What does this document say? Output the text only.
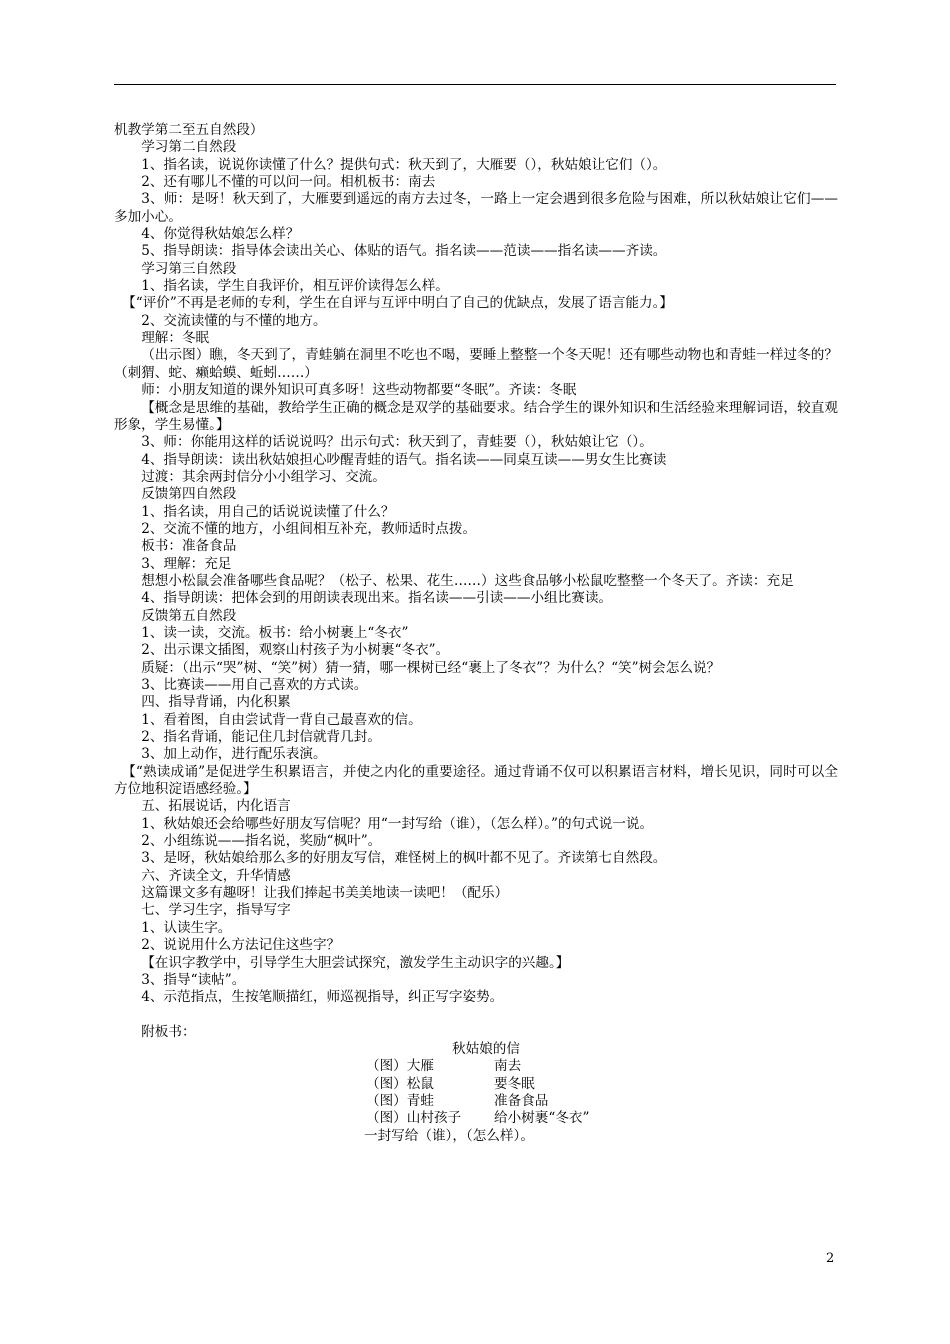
机教学第二至五自然段）

学习第二自然段

1、指名读，说说你读懂了什么？提供句式：秋天到了，大雁要（），秋姑娘让它们（）。

2、还有哪儿不懂的可以问一问。相机板书：南去

3、师：是呀！秋天到了，大雁要到遥远的南方去过冬，一路上一定会遇到很多危险与困难，所以秋姑娘让它们——多加小心。

4、你觉得秋姑娘怎么样？

5、指导朗读：指导体会读出关心、体贴的语气。指名读——范读——指名读——齐读。

学习第三自然段

1、指名读，学生自我评价，相互评价读得怎么样。

【“评价”不再是老师的专利，学生在自评与互评中明白了自己的优缺点，发展了语言能力。】

2、交流读懂的与不懂的地方。

理解：冬眠

（出示图）瞧，冬天到了，青蛙躺在洞里不吃也不喝，要睡上整整一个冬天呢！还有哪些动物也和青蛙一样过冬的？（刺猬、蛇、癞蛤蟆、蚯蚓……）

师：小朋友知道的课外知识可真多呀！这些动物都要“冬眠”。齐读：冬眠

【概念是思维的基础，教给学生正确的概念是双学的基础要求。结合学生的课外知识和生活经验来理解词语，较直观形象，学生易懂。】

3、师：你能用这样的话说说吗？出示句式：秋天到了，青蛙要（），秋姑娘让它（）。

4、指导朗读：读出秋姑娘担心吵醒青蛙的语气。指名读——同桌互读——男女生比赛读

过渡：其余两封信分小小组学习、交流。

反馈第四自然段

1、指名读，用自己的话说说读懂了什么？

2、交流不懂的地方，小组间相互补充，教师适时点拨。

板书：准备食品

3、理解：充足

想想小松鼠会准备哪些食品呢？（松子、松果、花生……）这些食品够小松鼠吃整整一个冬天了。齐读：充足

4、指导朗读：把体会到的用朗读表现出来。指名读——引读——小组比赛读。

反馈第五自然段

1、读一读，交流。板书：给小树裹上“冬衣”

2、出示课文插图，观察山村孩子为小树裹“冬衣”。

质疑：（出示“哭”树、“笑”树）猜一猜，哪一棵树已经“裹上了冬衣”？为什么？“笑”树会怎么说？

3、比赛读——用自己喜欢的方式读。

四、指导背诵，内化积累

1、看着图，自由尝试背一背自己最喜欢的信。

2、指名背诵，能记住几封信就背几封。

3、加上动作，进行配乐表演。

【“熟读成诵”是促进学生积累语言，并使之内化的重要途径。通过背诵不仅可以积累语言材料，增长见识，同时可以全方位地积淀语感经验。】

五、拓展说话，内化语言

1、秋姑娘还会给哪些好朋友写信呢？用“一封写给（谁），（怎么样）。”的句式说一说。

2、小组练说——指名说，奖励“枫叶”。

3、是呀，秋姑娘给那么多的好朋友写信，难怪树上的枫叶都不见了。齐读第七自然段。

六、齐读全文，升华情感

这篇课文多有趣呀！让我们捧起书美美地读一读吧！（配乐）

七、学习生字，指导写字

1、认读生字。

2、说说用什么方法记住这些字？

【在识字教学中，引导学生大胆尝试探究，激发学生主动识字的兴趣。】

3、指导“读帖”。

4、示范指点，生按笔顺描红，师巡视指导，纠正写字姿势。

附板书：

秋姑娘的信

（图）大雁	南去
（图）松鼠	要冬眠
（图）青蛙	准备食品
（图）山村孩子	给小树裹“冬衣”

一封写给（谁），（怎么样）。

2
